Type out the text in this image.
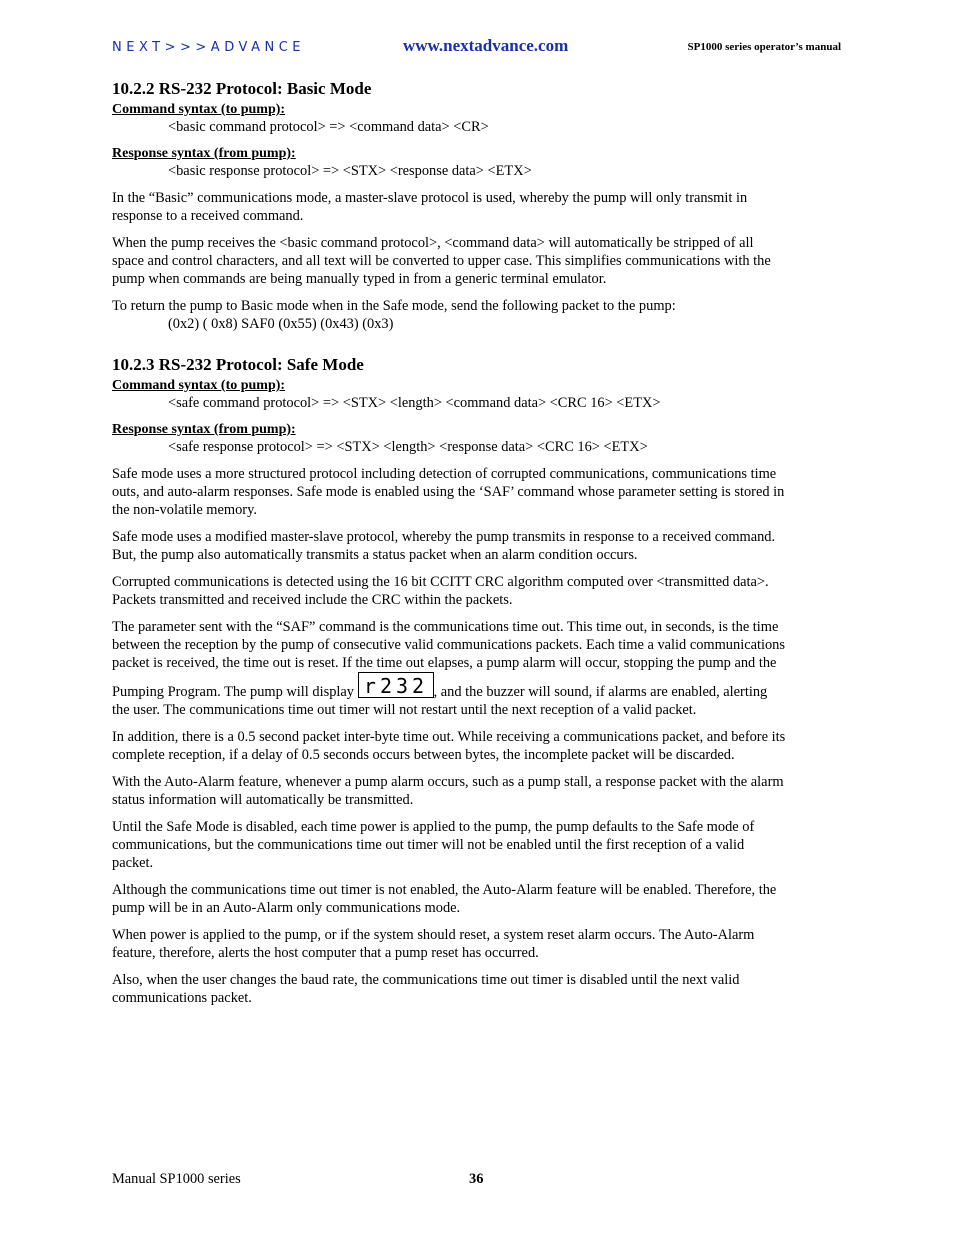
NEXT>>>ADVANCE	www.nextadvance.com	SP1000 series operator’s manual
10.2.2 RS-232 Protocol: Basic Mode
Command syntax (to pump):
<basic command protocol> => <command data> <CR>
Response syntax (from pump):
<basic response protocol> => <STX> <response data> <ETX>

In the “Basic” communications mode, a master-slave protocol is used, whereby the pump will only transmit in response to a received command.

When the pump receives the <basic command protocol>, <command data> will automatically be stripped of all space and control characters, and all text will be converted to upper case. This simplifies communications with the pump when commands are being manually typed in from a generic terminal emulator.

To return the pump to Basic mode when in the Safe mode, send the following packet to the pump:

(0x2) ( 0x8) SAF0 (0x55) (0x43) (0x3)
10.2.3 RS-232 Protocol: Safe Mode
Command syntax (to pump):
<safe command protocol> => <STX> <length> <command data> <CRC 16> <ETX>
Response syntax (from pump):
<safe response protocol> => <STX> <length> <response data> <CRC 16> <ETX>

Safe mode uses a more structured protocol including detection of corrupted communications, communications time outs, and auto-alarm responses. Safe mode is enabled using the ‘SAF’ command whose parameter setting is stored in the non-volatile memory.

Safe mode uses a modified master-slave protocol, whereby the pump transmits in response to a received command. But, the pump also automatically transmits a status packet when an alarm condition occurs.

Corrupted communications is detected using the 16 bit CCITT CRC algorithm computed over <transmitted data>. Packets transmitted and received include the CRC within the packets.

The parameter sent with the “SAF” command is the communications time out. This time out, in seconds, is the time between the reception by the pump of consecutive valid communications packets. Each time a valid communications packet is received, the time out is reset. If the time out elapses, a pump alarm will occur, stopping the pump and the Pumping Program. The pump will display r232 , and the buzzer will sound, if alarms are enabled, alerting the user. The communications time out timer will not restart until the next reception of a valid packet.

In addition, there is a 0.5 second packet inter-byte time out. While receiving a communications packet, and before its complete reception, if a delay of 0.5 seconds occurs between bytes, the incomplete packet will be discarded.

With the Auto-Alarm feature, whenever a pump alarm occurs, such as a pump stall, a response packet with the alarm status information will automatically be transmitted.

Until the Safe Mode is disabled, each time power is applied to the pump, the pump defaults to the Safe mode of communications, but the communications time out timer will not be enabled until the first reception of a valid packet.

Although the communications time out timer is not enabled, the Auto-Alarm feature will be enabled. Therefore, the pump will be in an Auto-Alarm only communications mode.

When power is applied to the pump, or if the system should reset, a system reset alarm occurs. The Auto-Alarm feature, therefore, alerts the host computer that a pump reset has occurred.

Also, when the user changes the baud rate, the communications time out timer is disabled until the next valid communications packet.

Manual SP1000 series	36
